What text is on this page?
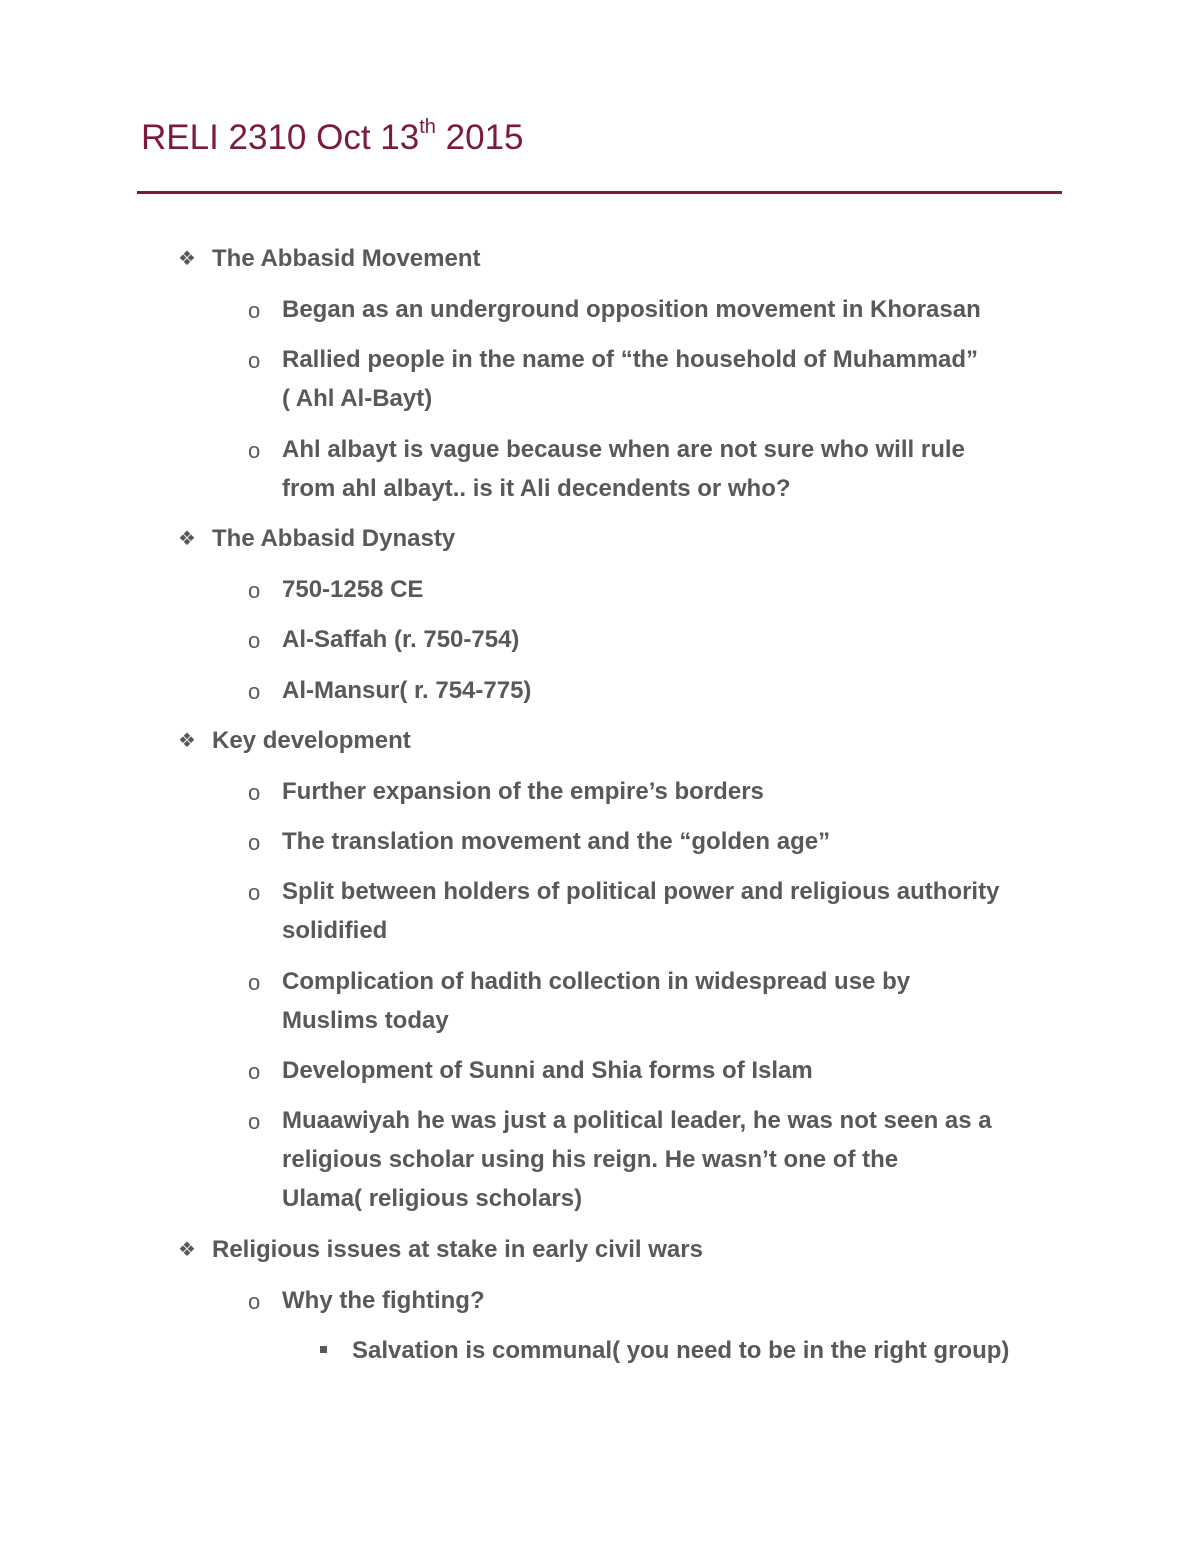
RELI 2310 Oct 13th 2015
❖ The Abbasid Movement
o Began as an underground opposition movement in Khorasan
o Rallied people in the name of “the household of Muhammad”
( Ahl Al-Bayt)
o Ahl albayt is vague because when are not sure who will rule
from ahl albayt.. is it Ali decendents or who?
❖ The Abbasid Dynasty
o 750-1258 CE
o Al-Saffah (r. 750-754)
o Al-Mansur( r. 754-775)
❖ Key development
o Further expansion of the empire’s borders
o The translation movement and the “golden age”
o Split between holders of political power and religious authority
solidified
o Complication of hadith collection in widespread use by
Muslims today
o Development of Sunni and Shia forms of Islam
o Muaawiyah he was just a political leader, he was not seen as a
religious scholar using his reign. He wasn’t one of the
Ulama( religious scholars)
❖ Religious issues at stake in early civil wars
o Why the fighting?
Salvation is communal( you need to be in the right group)
